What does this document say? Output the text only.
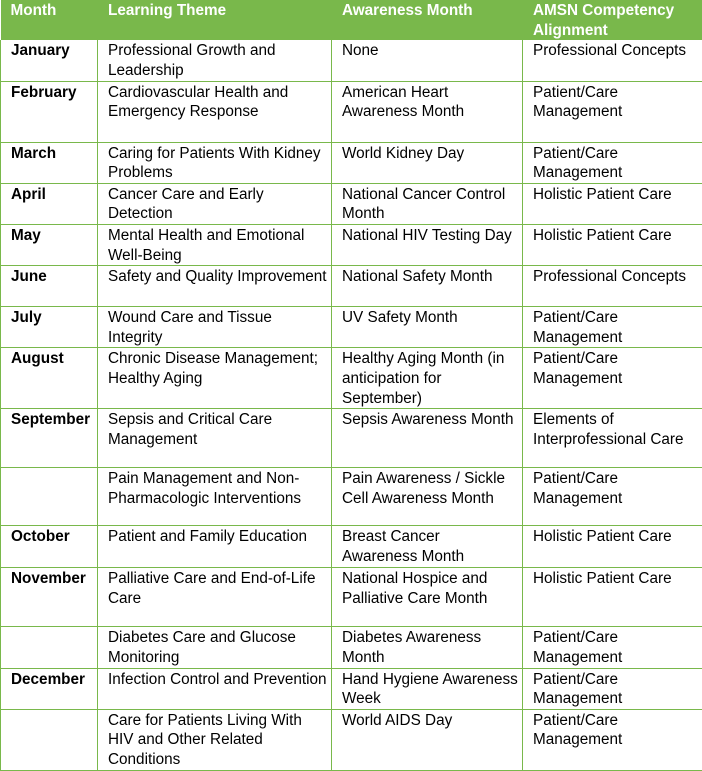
Month	Learning Theme	Awareness Month	AMSN Competency Alignment
January	Professional Growth and Leadership	None	Professional Concepts
February	Cardiovascular Health and Emergency Response	American Heart Awareness Month	Patient/Care Management
March	Caring for Patients With Kidney Problems	World Kidney Day	Patient/Care Management
April	Cancer Care and Early Detection	National Cancer Control Month	Holistic Patient Care
May	Mental Health and Emotional Well-Being	National HIV Testing Day	Holistic Patient Care
June	Safety and Quality Improvement	National Safety Month	Professional Concepts
July	Wound Care and Tissue Integrity	UV Safety Month	Patient/Care Management
August	Chronic Disease Management; Healthy Aging	Healthy Aging Month (in anticipation for September)	Patient/Care Management
September	Sepsis and Critical Care Management	Sepsis Awareness Month	Elements of Interprofessional Care
	Pain Management and Non-Pharmacologic Interventions	Pain Awareness / Sickle Cell Awareness Month	Patient/Care Management
October	Patient and Family Education	Breast Cancer Awareness Month	Holistic Patient Care
November	Palliative Care and End-of-Life Care	National Hospice and Palliative Care Month	Holistic Patient Care
	Diabetes Care and Glucose Monitoring	Diabetes Awareness Month	Patient/Care Management
December	Infection Control and Prevention	Hand Hygiene Awareness Week	Patient/Care Management
	Care for Patients Living With HIV and Other Related Conditions	World AIDS Day	Patient/Care Management
